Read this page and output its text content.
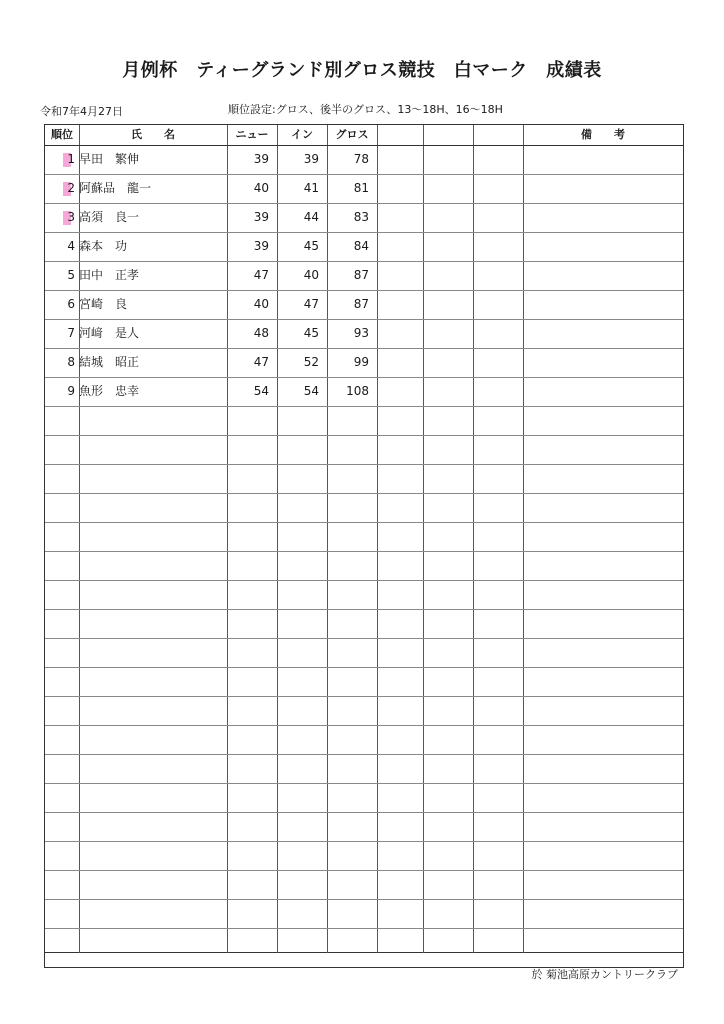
月例杯　ティーグランド別グロス競技　白マーク　成績表
令和7年4月27日	順位設定:グロス、後半のグロス、13～18H、16～18H
順位	氏　　名	ニュー	イン	グロス	備　　考
1 早田　繁伸	39	39	78
2 阿蘇品　龍一	40	41	81
3 高須　良一	39	44	83
4 森本　功	39	45	84
5 田中　正孝	47	40	87
6 宮崎　良	40	47	87
7 河﨑　是人	48	45	93
8 結城　昭正	47	52	99
9 魚形　忠幸	54	54	108
於 菊池高原カントリークラブ
